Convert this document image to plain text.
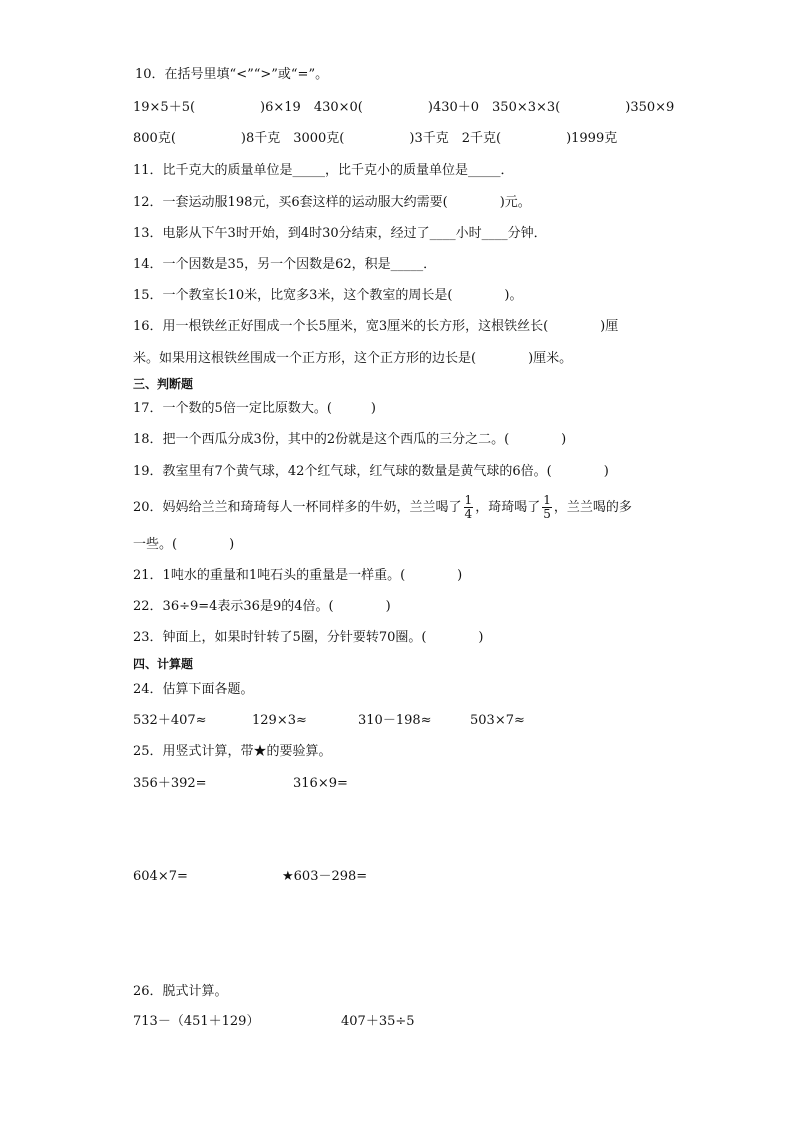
10．在括号里填“<”“>”或“=”。
19×5＋5(　　　　　)6×19　430×0(　　　　　)430＋0　350×3×3(　　　　　)350×9
800克(　　　　　)8千克　3000克(　　　　　)3千克　2千克(　　　　　)1999克
11．比千克大的质量单位是_____，比千克小的质量单位是_____．
12．一套运动服198元，买6套这样的运动服大约需要(　　　　)元。
13．电影从下午3时开始，到4时30分结束，经过了____小时____分钟．
14．一个因数是35，另一个因数是62，积是_____．
15．一个教室长10米，比宽多3米，这个教室的周长是(　　　　)。
16．用一根铁丝正好围成一个长5厘米，宽3厘米的长方形，这根铁丝长(　　　　)厘
米。如果用这根铁丝围成一个正方形，这个正方形的边长是(　　　　)厘米。
三、判断题
17．一个数的5倍一定比原数大。(　　　)
18．把一个西瓜分成3份，其中的2份就是这个西瓜的三分之二。(　　　　)
19．教室里有7个黄气球，42个红气球，红气球的数量是黄气球的6倍。(　　　　)
20．妈妈给兰兰和琦琦每人一杯同样多的牛奶，兰兰喝了 $\frac{1}{4}$ ，琦琦喝了 $\frac{1}{5}$ ，兰兰喝的多
一些。(　　　　)
21．1吨水的重量和1吨石头的重量是一样重。(　　　　)
22．36÷9=4表示36是9的4倍。(　　　　)
23．钟面上，如果时针转了5圈，分针要转70圈。(　　　　)
四、计算题
24．估算下面各题。
532＋407≈	129×3≈	310－198≈	503×7≈
25．用竖式计算，带★的要验算。
356＋392=	316×9=
604×7=	★603－298=
26．脱式计算。
713－（451＋129）	407＋35÷5
